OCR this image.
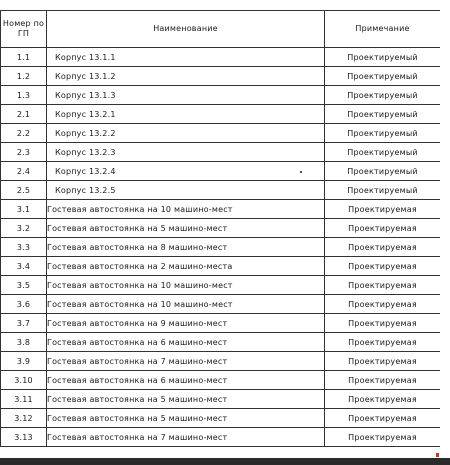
Номер по ГП	Наименование	Примечание
1.1	Корпус 13.1.1	Проектируемый
1.2	Корпус 13.1.2	Проектируемый
1.3	Корпус 13.1.3	Проектируемый
2.1	Корпус 13.2.1	Проектируемый
2.2	Корпус 13.2.2	Проектируемый
2.3	Корпус 13.2.3	Проектируемый
2.4	Корпус 13.2.4	Проектируемый
2.5	Корпус 13.2.5	Проектируемый
3.1	Гостевая автостоянка на 10 машино-мест	Проектируемая
3.2	Гостевая автостоянка на 5 машино-мест	Проектируемая
3.3	Гостевая автостоянка на 8 машино-мест	Проектируемая
3.4	Гостевая автостоянка на 2 машино-места	Проектируемая
3.5	Гостевая автостоянка на 10 машино-мест	Проектируемая
3.6	Гостевая автостоянка на 10 машино-мест	Проектируемая
3.7	Гостевая автостоянка на 9 машино-мест	Проектируемая
3.8	Гостевая автостоянка на 6 машино-мест	Проектируемая
3.9	Гостевая автостоянка на 7 машино-мест	Проектируемая
3.10	Гостевая автостоянка на 6 машино-мест	Проектируемая
3.11	Гостевая автостоянка на 5 машино-мест	Проектируемая
3.12	Гостевая автостоянка на 5 машино-мест	Проектируемая
3.13	Гостевая автостоянка на 7 машино-мест	Проектируемая
